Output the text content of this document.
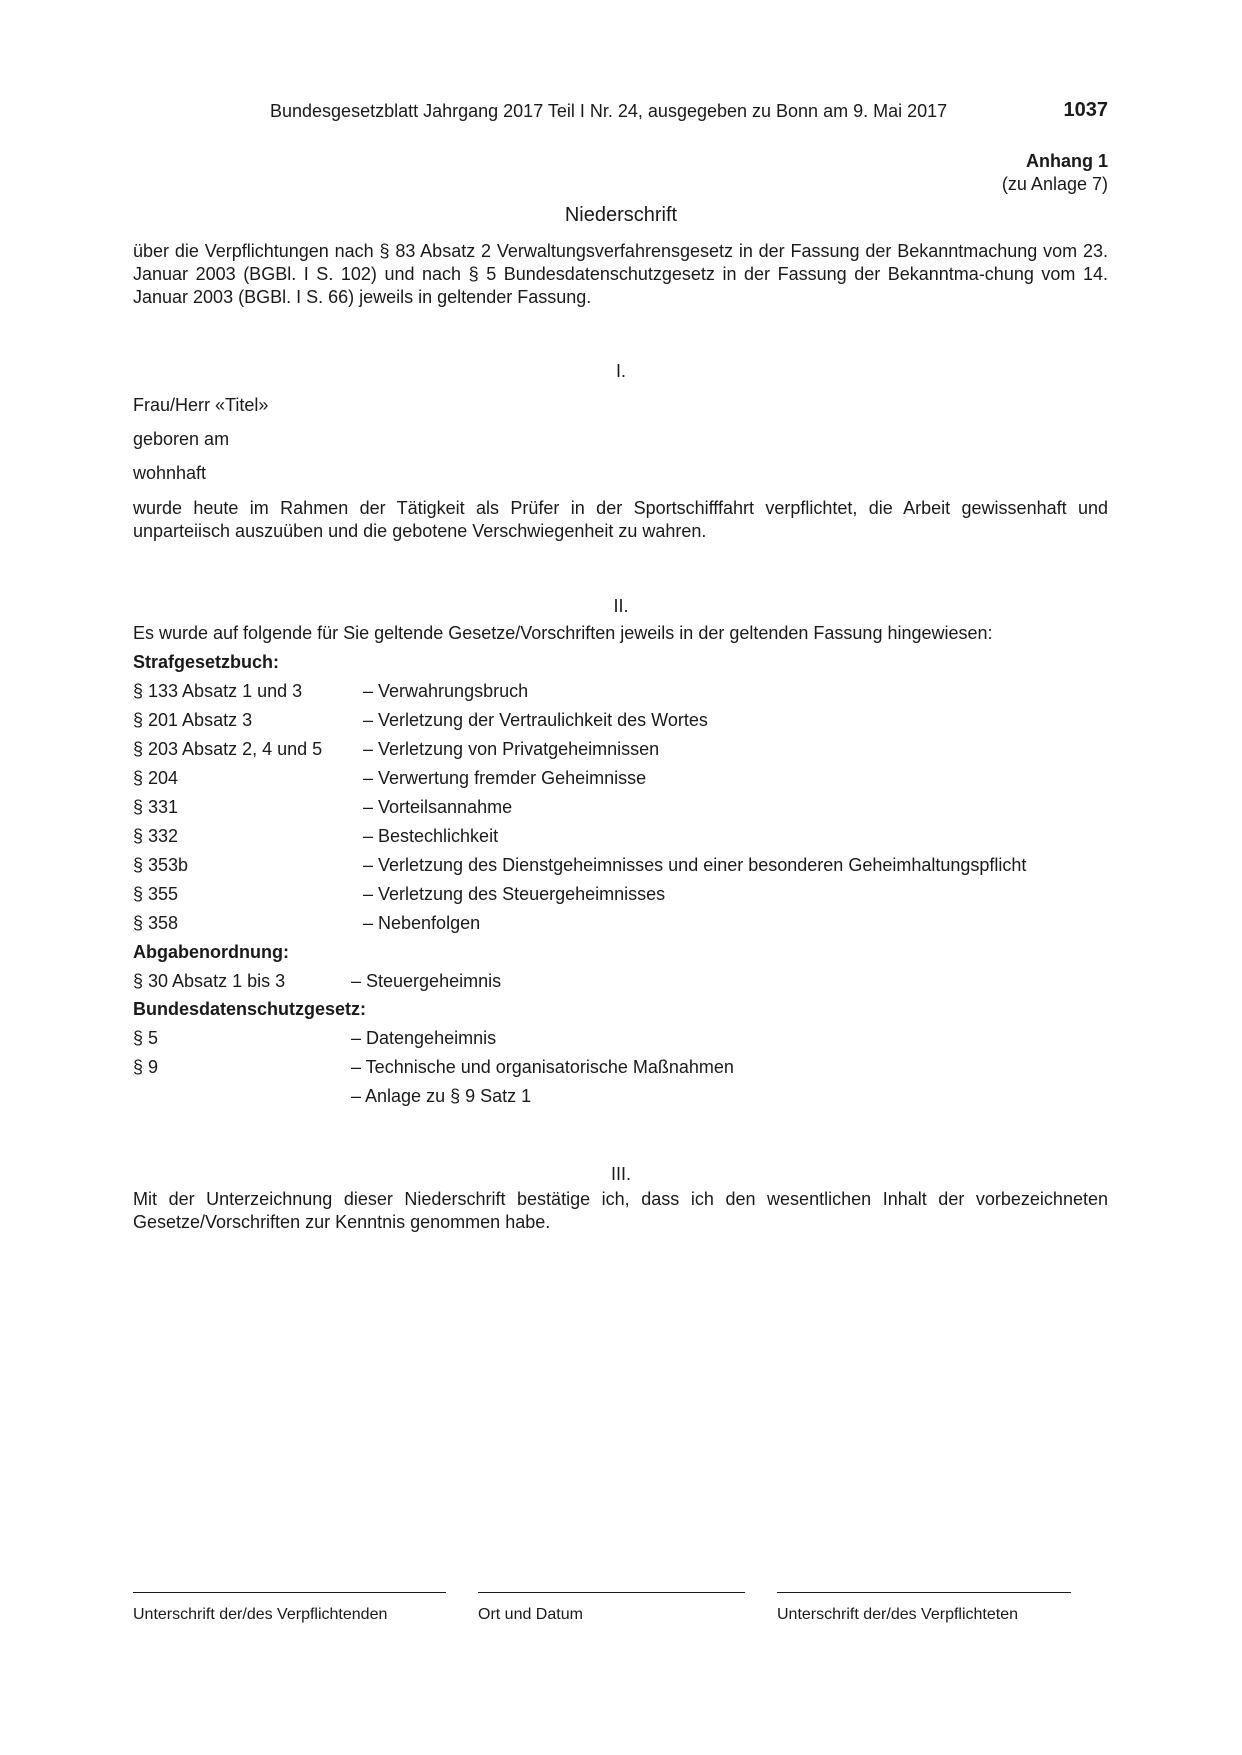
Bundesgesetzblatt Jahrgang 2017 Teil I Nr. 24, ausgegeben zu Bonn am 9. Mai 2017	1037
Anhang 1
(zu Anlage 7)
Niederschrift
über die Verpflichtungen nach § 83 Absatz 2 Verwaltungsverfahrensgesetz in der Fassung der Bekanntmachung vom 23. Januar 2003 (BGBl. I S. 102) und nach § 5 Bundesdatenschutzgesetz in der Fassung der Bekanntma-chung vom 14. Januar 2003 (BGBl. I S. 66) jeweils in geltender Fassung.
I.
Frau/Herr «Titel»
geboren am
wohnhaft
wurde heute im Rahmen der Tätigkeit als Prüfer in der Sportschifffahrt verpflichtet, die Arbeit gewissenhaft und unparteiisch auszuüben und die gebotene Verschwiegenheit zu wahren.
II.
Es wurde auf folgende für Sie geltende Gesetze/Vorschriften jeweils in der geltenden Fassung hingewiesen:
Strafgesetzbuch:
§ 133 Absatz 1 und 3	– Verwahrungsbruch
§ 201 Absatz 3	– Verletzung der Vertraulichkeit des Wortes
§ 203 Absatz 2, 4 und 5 – Verletzung von Privatgeheimnissen
§ 204	– Verwertung fremder Geheimnisse
§ 331	– Vorteilsannahme
§ 332	– Bestechlichkeit
§ 353b	– Verletzung des Dienstgeheimnisses und einer besonderen Geheimhaltungspflicht
§ 355	– Verletzung des Steuergeheimnisses
§ 358	– Nebenfolgen
Abgabenordnung:
§ 30 Absatz 1 bis 3	– Steuergeheimnis
Bundesdatenschutzgesetz:
§ 5	– Datengeheimnis
§ 9	– Technische und organisatorische Maßnahmen
– Anlage zu § 9 Satz 1
III.
Mit der Unterzeichnung dieser Niederschrift bestätige ich, dass ich den wesentlichen Inhalt der vorbezeichneten Gesetze/Vorschriften zur Kenntnis genommen habe.
Unterschrift der/des Verpflichtenden	Ort und Datum	Unterschrift der/des Verpflichteten
